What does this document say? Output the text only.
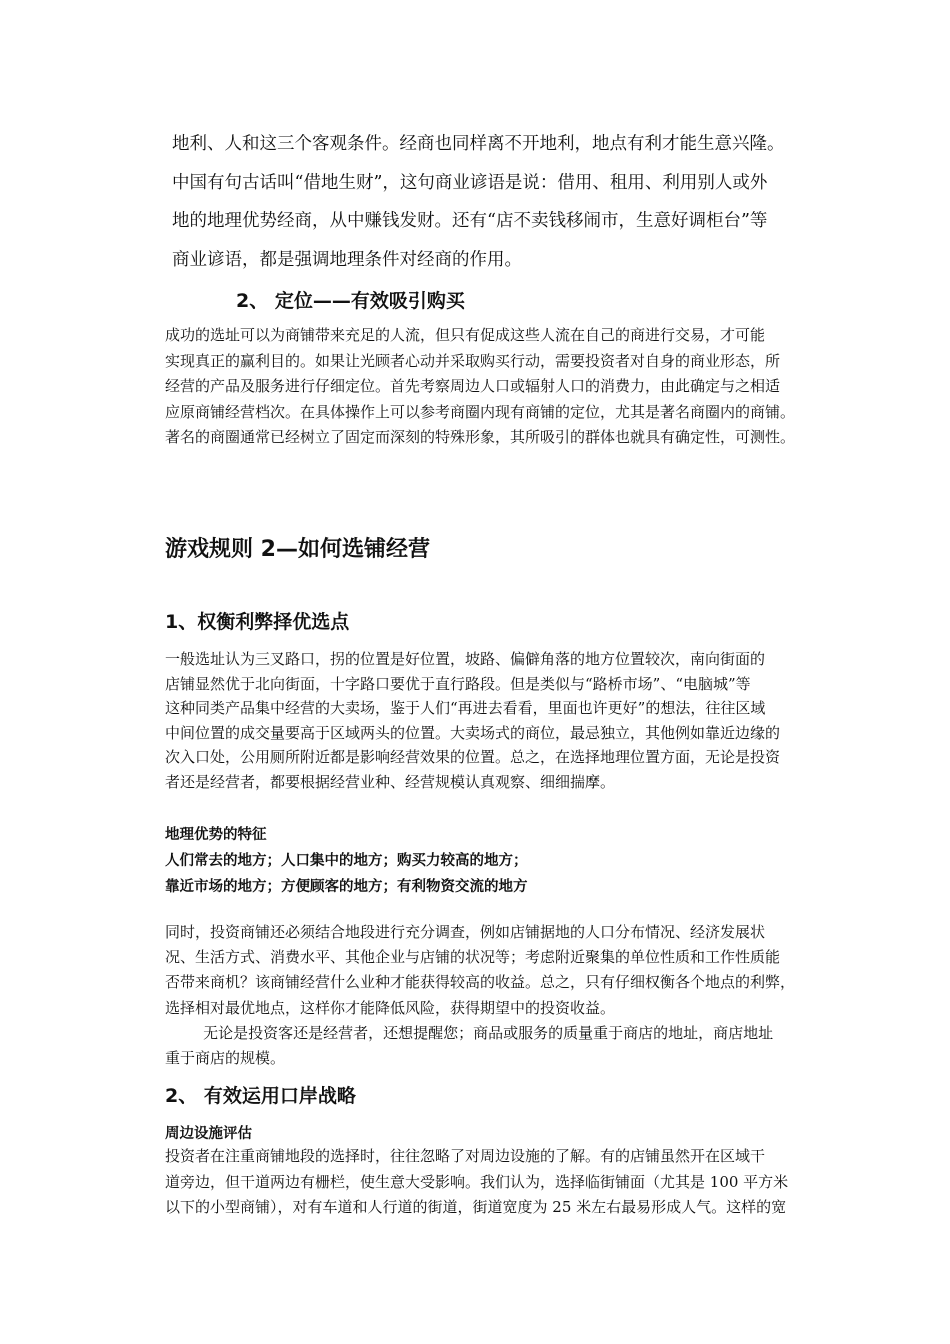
地利、人和这三个客观条件。经商也同样离不开地利，地点有利才能生意兴隆。
中国有句古话叫“借地生财”，这句商业谚语是说：借用、租用、利用别人或外
地的地理优势经商，从中赚钱发财。还有“店不卖钱移闹市，生意好调柜台”等
商业谚语，都是强调地理条件对经商的作用。
2、 定位——有效吸引购买
成功的选址可以为商铺带来充足的人流，但只有促成这些人流在自己的商进行交易，才可能
实现真正的赢利目的。如果让光顾者心动并采取购买行动，需要投资者对自身的商业形态，所
经营的产品及服务进行仔细定位。首先考察周边人口或辐射人口的消费力，由此确定与之相适
应原商铺经营档次。在具体操作上可以参考商圈内现有商铺的定位，尤其是著名商圈内的商铺。
著名的商圈通常已经树立了固定而深刻的特殊形象，其所吸引的群体也就具有确定性，可测性。
游戏规则 2—如何选铺经营
1、权衡利弊择优选点
一般选址认为三叉路口，拐的位置是好位置，坡路、偏僻角落的地方位置较次，南向街面的
店铺显然优于北向街面，十字路口要优于直行路段。但是类似与“路桥市场”、“电脑城”等
这种同类产品集中经营的大卖场，鉴于人们“再进去看看，里面也许更好”的想法，往往区域
中间位置的成交量要高于区域两头的位置。大卖场式的商位，最忌独立，其他例如靠近边缘的
次入口处，公用厕所附近都是影响经营效果的位置。总之，在选择地理位置方面，无论是投资
者还是经营者，都要根据经营业种、经营规模认真观察、细细揣摩。
地理优势的特征
人们常去的地方；人口集中的地方；购买力较高的地方；
靠近市场的地方；方便顾客的地方；有利物资交流的地方
同时，投资商铺还必须结合地段进行充分调查，例如店铺据地的人口分布情况、经济发展状
况、生活方式、消费水平、其他企业与店铺的状况等；考虑附近聚集的单位性质和工作性质能
否带来商机？该商铺经营什么业种才能获得较高的收益。总之，只有仔细权衡各个地点的利弊，
选择相对最优地点，这样你才能降低风险，获得期望中的投资收益。
无论是投资客还是经营者，还想提醒您；商品或服务的质量重于商店的地址，商店地址
重于商店的规模。
2、 有效运用口岸战略
周边设施评估
投资者在注重商铺地段的选择时，往往忽略了对周边设施的了解。有的店铺虽然开在区域干
道旁边，但干道两边有栅栏，使生意大受影响。我们认为，选择临街铺面（尤其是 100 平方米
以下的小型商铺），对有车道和人行道的街道，街道宽度为 25 米左右最易形成人气。这样的宽
